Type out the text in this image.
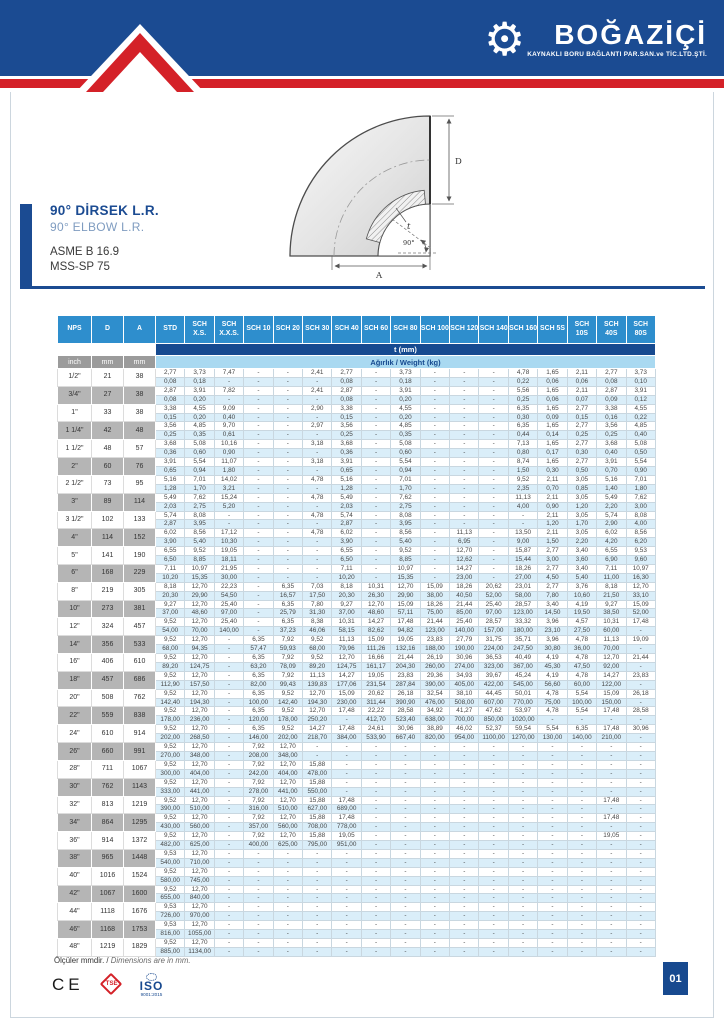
⚙ BOĞAZİÇİ
KAYNAKLI BORU BAĞLANTI PAR.SAN.ve TİC.LTD.ŞTİ.
90° DİRSEK L.R.
90° ELBOW L.R.
ASME B 16.9
MSS-SP 75
D
A
t
90°
NPS	D	A	STD	SCH X.S.	SCH X.X.S.	SCH 10	SCH 20	SCH 30	SCH 40	SCH 60	SCH 80	SCH 100	SCH 120	SCH 140	SCH 160	SCH 5S	SCH 10S	SCH 40S	SCH 80S
			t (mm)																
inch	mm	mm	Ağırlık / Weight (kg)																
1/2"	21	38	2,77	3,73	7,47	-	-	2,41	2,77	-	3,73	-	-	-	4,78	1,65	2,11	2,77	3,73
			0,08	0,18	-	-	-	-	0,08	-	0,18	-	-	-	0,22	0,06	0,06	0,08	0,10
3/4"	27	38	2,87	3,91	7,82	-	-	2,41	2,87	-	3,91	-	-	-	5,56	1,65	2,11	2,87	3,91
			0,08	0,20	-	-	-	-	0,08	-	0,20	-	-	-	0,25	0,06	0,07	0,09	0,12
1"	33	38	3,38	4,55	9,09	-	-	2,90	3,38	-	4,55	-	-	-	6,35	1,65	2,77	3,38	4,55
			0,15	0,20	0,40	-	-	-	0,15	-	0,20	-	-	-	0,30	0,09	0,15	0,16	0,22
1 1/4"	42	48	3,56	4,85	9,70	-	-	2,97	3,56	-	4,85	-	-	-	6,35	1,65	2,77	3,56	4,85
			0,25	0,35	0,61	-	-	-	0,25	-	0,35	-	-	-	0,44	0,14	0,25	0,25	0,40
1 1/2"	48	57	3,68	5,08	10,16	-	-	3,18	3,68	-	5,08	-	-	-	7,13	1,65	2,77	3,68	5,08
			0,36	0,60	0,90	-	-	-	0,36	-	0,60	-	-	-	0,80	0,17	0,30	0,40	0,50
2"	60	76	3,91	5,54	11,07	-	-	3,18	3,91	-	5,54	-	-	-	8,74	1,65	2,77	3,91	5,54
			0,65	0,94	1,80	-	-	-	0,65	-	0,94	-	-	-	1,50	0,30	0,50	0,70	0,90
2 1/2"	73	95	5,16	7,01	14,02	-	-	4,78	5,16	-	7,01	-	-	-	9,52	2,11	3,05	5,16	7,01
			1,28	1,70	3,21	-	-	-	1,28	-	1,70	-	-	-	2,35	0,70	0,85	1,40	1,80
3"	89	114	5,49	7,62	15,24	-	-	4,78	5,49	-	7,62	-	-	-	11,13	2,11	3,05	5,49	7,62
			2,03	2,75	5,20	-	-	-	2,03	-	2,75	-	-	-	4,00	0,90	1,20	2,20	3,00
3 1/2"	102	133	5,74	8,08	-	-	-	4,78	5,74	-	8,08	-	-	-	-	2,11	3,05	5,74	8,08
			2,87	3,95	-	-	-	-	2,87	-	3,95	-	-	-	-	1,20	1,70	2,90	4,00
4"	114	152	6,02	8,56	17,12	-	-	4,78	6,02	-	8,56	-	11,13	-	13,50	2,11	3,05	6,02	8,56
			3,90	5,40	10,30	-	-	-	3,90	-	5,40	-	6,95	-	9,00	1,50	2,20	4,20	6,20
5"	141	190	6,55	9,52	19,05	-	-	-	6,55	-	9,52	-	12,70	-	15,87	2,77	3,40	6,55	9,53
			6,50	8,85	18,11	-	-	-	6,50	-	8,85	-	12,62	-	15,44	3,00	3,60	6,90	9,60
6"	168	229	7,11	10,97	21,95	-	-	-	7,11	-	10,97	-	14,27	-	18,26	2,77	3,40	7,11	10,97
			10,20	15,35	30,00	-	-	-	10,20	-	15,35	-	23,00	-	27,00	4,50	5,40	11,00	16,30
8"	219	305	8,18	12,70	22,23	-	6,35	7,03	8,18	10,31	12,70	15,09	18,26	20,62	23,01	2,77	3,76	8,18	12,70
			20,30	29,90	54,50	-	16,57	17,50	20,30	26,30	29,90	38,00	40,50	52,00	58,00	7,80	10,60	21,50	33,10
10"	273	381	9,27	12,70	25,40	-	6,35	7,80	9,27	12,70	15,09	18,26	21,44	25,40	28,57	3,40	4,19	9,27	15,09
			37,00	48,60	97,00	-	25,79	31,30	37,00	48,60	57,11	75,00	85,00	97,00	123,00	14,50	19,50	38,50	52,00
12"	324	457	9,52	12,70	25,40	-	6,35	8,38	10,31	14,27	17,48	21,44	25,40	28,57	33,32	3,96	4,57	10,31	17,48
			54,00	70,00	140,00	-	37,23	46,06	58,15	82,62	94,82	123,00	140,00	157,00	180,00	23,10	27,50	60,00	-
14"	356	533	9,52	12,70	-	6,35	7,92	9,52	11,13	15,09	19,05	23,83	27,79	31,75	35,71	3,96	4,78	11,13	19,09
			68,00	94,35	-	57,47	59,93	68,00	79,96	111,26	132,16	188,00	190,00	224,00	247,50	30,80	36,00	70,00	-
16"	406	610	9,52	12,70	-	6,35	7,92	9,52	12,70	16,66	21,44	26,19	30,96	36,53	40,49	4,19	4,78	12,70	21,44
			89,20	124,75	-	63,20	78,09	89,20	124,75	161,17	204,30	260,00	274,00	323,00	367,00	45,30	47,50	92,00	-
18"	457	686	9,52	12,70	-	6,35	7,92	11,13	14,27	19,05	23,83	29,36	34,93	39,67	45,24	4,19	4,78	14,27	23,83
			112,90	157,50	-	82,00	99,43	139,83	177,06	231,54	287,84	390,00	405,00	422,00	545,00	56,60	60,00	122,00	-
20"	508	762	9,52	12,70	-	6,35	9,52	12,70	15,09	20,62	26,18	32,54	38,10	44,45	50,01	4,78	5,54	15,09	26,18
			142,40	194,30	-	100,00	142,40	194,30	230,00	311,44	390,90	476,00	508,00	607,00	770,00	75,00	100,00	150,00	-
22"	559	838	9,52	12,70	-	6,35	9,52	12,70	17,48	22,22	28,58	34,92	41,27	47,62	53,97	4,78	5,54	17,48	28,58
			178,00	236,00	-	120,00	178,00	250,20	-	412,70	523,40	638,00	700,00	850,00	1020,00	-	-	-	-
24"	610	914	9,52	12,70	-	6,35	9,52	14,27	17,48	24,61	30,96	38,89	46,02	52,37	59,54	5,54	6,35	17,48	30,96
			202,00	268,50	-	146,00	202,00	218,70	384,00	533,90	667,40	820,00	954,00	1100,00	1270,00	130,00	140,00	210,00	-
26"	660	991	9,52	12,70	-	7,92	12,70	-	-	-	-	-	-	-	-	-	-	-	-
			270,00	348,00	-	208,00	348,00	-	-	-	-	-	-	-	-	-	-	-	-
28"	711	1067	9,52	12,70	-	7,92	12,70	15,88	-	-	-	-	-	-	-	-	-	-	-
			300,00	404,00	-	242,00	404,00	478,00	-	-	-	-	-	-	-	-	-	-	-
30"	762	1143	9,52	12,70	-	7,92	12,70	15,88	-	-	-	-	-	-	-	-	-	-	-
			333,00	441,00	-	278,00	441,00	550,00	-	-	-	-	-	-	-	-	-	-	-
32"	813	1219	9,52	12,70	-	7,92	12,70	15,88	17,48	-	-	-	-	-	-	-	-	17,48	-
			390,00	510,00	-	316,00	510,00	627,00	689,00	-	-	-	-	-	-	-	-	-	-
34"	864	1295	9,52	12,70	-	7,92	12,70	15,88	17,48	-	-	-	-	-	-	-	-	17,48	-
			430,00	560,00	-	357,00	560,00	708,00	778,00	-	-	-	-	-	-	-	-	-	-
36"	914	1372	9,52	12,70	-	7,92	12,70	15,88	19,05	-	-	-	-	-	-	-	-	19,05	-
			482,00	625,00	-	400,00	625,00	795,00	951,00	-	-	-	-	-	-	-	-	-	-
38"	965	1448	9,53	12,70	-	-	-	-	-	-	-	-	-	-	-	-	-	-	-
			540,00	710,00	-	-	-	-	-	-	-	-	-	-	-	-	-	-	-
40"	1016	1524	9,52	12,70	-	-	-	-	-	-	-	-	-	-	-	-	-	-	-
			580,00	745,00	-	-	-	-	-	-	-	-	-	-	-	-	-	-	-
42"	1067	1600	9,52	12,70	-	-	-	-	-	-	-	-	-	-	-	-	-	-	-
			655,00	840,00	-	-	-	-	-	-	-	-	-	-	-	-	-	-	-
44"	1118	1676	9,53	12,70	-	-	-	-	-	-	-	-	-	-	-	-	-	-	-
			726,00	970,00	-	-	-	-	-	-	-	-	-	-	-	-	-	-	-
46"	1168	1753	9,53	12,70	-	-	-	-	-	-	-	-	-	-	-	-	-	-	-
			816,00	1055,00	-	-	-	-	-	-	-	-	-	-	-	-	-	-	-
48"	1219	1829	9,52	12,70	-	-	-	-	-	-	-	-	-	-	-	-	-	-	-
			885,00	1134,00	-	-	-	-	-	-	-	-	-	-	-	-	-	-	-
Ölçüler mmdir. / Dimensions are in mm.
CE	TSE	ISO
9001:2015
01
